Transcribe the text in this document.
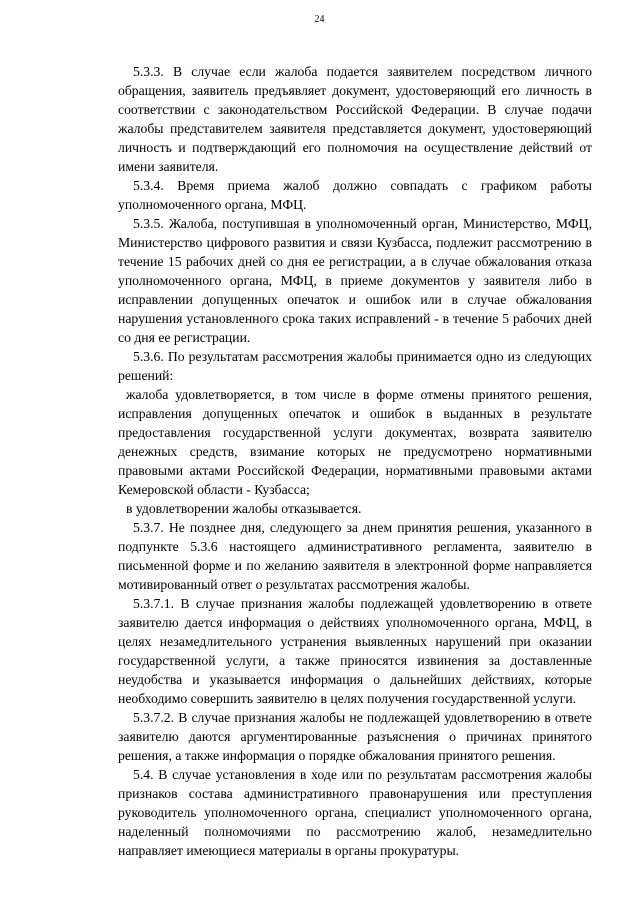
24

5.3.3. В случае если жалоба подается заявителем посредством личного обращения, заявитель предъявляет документ, удостоверяющий его личность в соответствии с законодательством Российской Федерации. В случае подачи жалобы представителем заявителя представляется документ, удостоверяющий личность и подтверждающий его полномочия на осуществление действий от имени заявителя.

5.3.4. Время приема жалоб должно совпадать с графиком работы уполномоченного органа, МФЦ.

5.3.5. Жалоба, поступившая в уполномоченный орган, Министерство, МФЦ, Министерство цифрового развития и связи Кузбасса, подлежит рассмотрению в течение 15 рабочих дней со дня ее регистрации, а в случае обжалования отказа уполномоченного органа, МФЦ, в приеме документов у заявителя либо в исправлении допущенных опечаток и ошибок или в случае обжалования нарушения установленного срока таких исправлений - в течение 5 рабочих дней со дня ее регистрации.

5.3.6. По результатам рассмотрения жалобы принимается одно из следующих решений:

жалоба удовлетворяется, в том числе в форме отмены принятого решения, исправления допущенных опечаток и ошибок в выданных в результате предоставления государственной услуги документах, возврата заявителю денежных средств, взимание которых не предусмотрено нормативными правовыми актами Российской Федерации, нормативными правовыми актами Кемеровской области - Кузбасса;

в удовлетворении жалобы отказывается.

5.3.7. Не позднее дня, следующего за днем принятия решения, указанного в подпункте 5.3.6 настоящего административного регламента, заявителю в письменной форме и по желанию заявителя в электронной форме направляется мотивированный ответ о результатах рассмотрения жалобы.

5.3.7.1. В случае признания жалобы подлежащей удовлетворению в ответе заявителю дается информация о действиях уполномоченного органа, МФЦ, в целях незамедлительного устранения выявленных нарушений при оказании государственной услуги, а также приносятся извинения за доставленные неудобства и указывается информация о дальнейших действиях, которые необходимо совершить заявителю в целях получения государственной услуги.

5.3.7.2. В случае признания жалобы не подлежащей удовлетворению в ответе заявителю даются аргументированные разъяснения о причинах принятого решения, а также информация о порядке обжалования принятого решения.

5.4. В случае установления в ходе или по результатам рассмотрения жалобы признаков состава административного правонарушения или преступления руководитель уполномоченного органа, специалист уполномоченного органа, наделенный полномочиями по рассмотрению жалоб, незамедлительно направляет имеющиеся материалы в органы прокуратуры.
